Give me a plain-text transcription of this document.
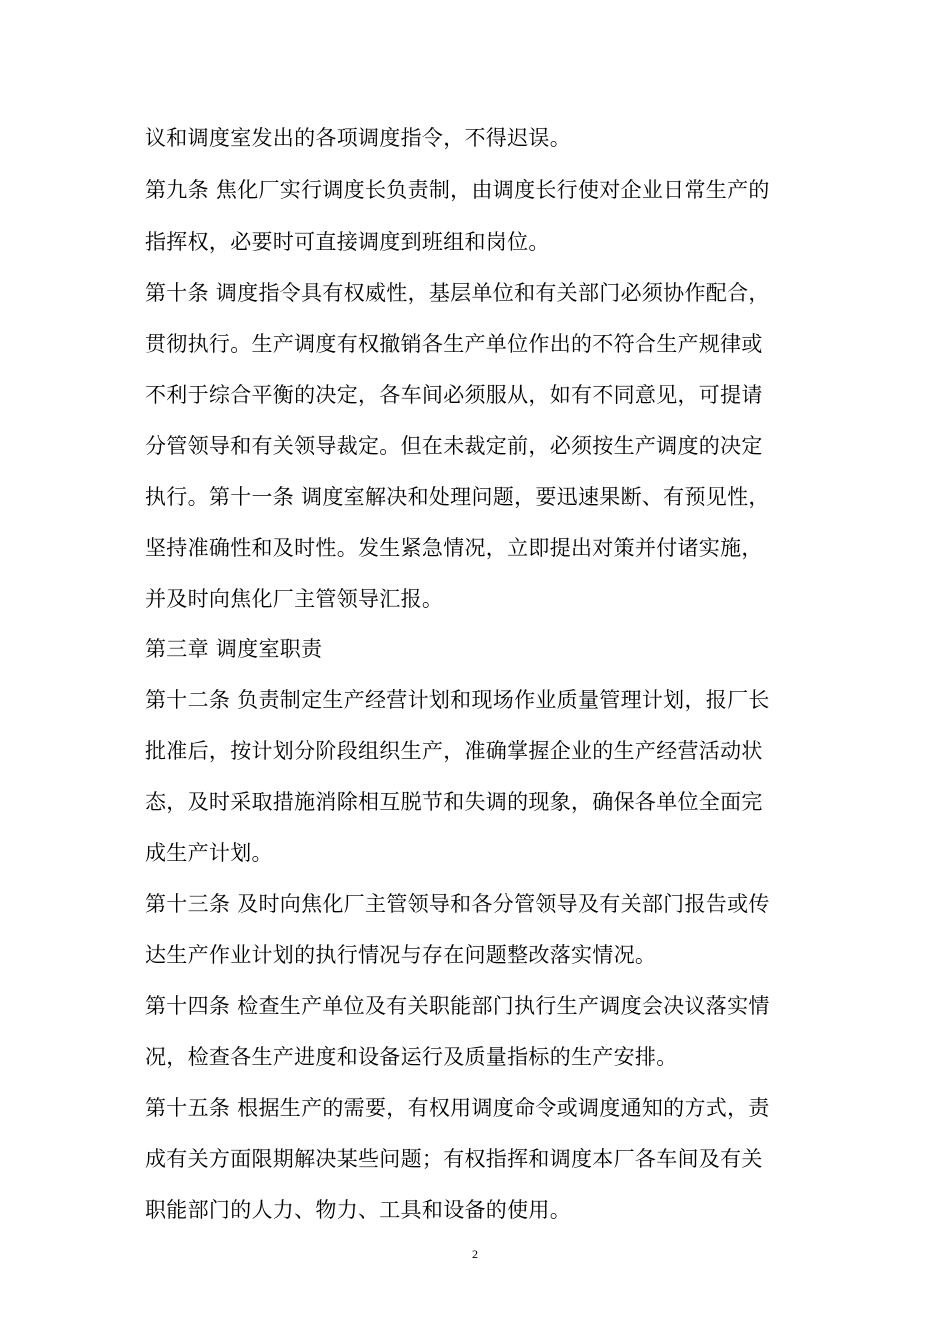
议和调度室发出的各项调度指令，不得迟误。
第九条 焦化厂实行调度长负责制，由调度长行使对企业日常生产的
指挥权，必要时可直接调度到班组和岗位。
第十条 调度指令具有权威性，基层单位和有关部门必须协作配合，
贯彻执行。生产调度有权撤销各生产单位作出的不符合生产规律或
不利于综合平衡的决定，各车间必须服从，如有不同意见，可提请
分管领导和有关领导裁定。但在未裁定前，必须按生产调度的决定
执行。第十一条 调度室解决和处理问题，要迅速果断、有预见性，
坚持准确性和及时性。发生紧急情况，立即提出对策并付诸实施，
并及时向焦化厂主管领导汇报。
第三章 调度室职责
第十二条 负责制定生产经营计划和现场作业质量管理计划，报厂长
批准后，按计划分阶段组织生产，准确掌握企业的生产经营活动状
态，及时采取措施消除相互脱节和失调的现象，确保各单位全面完
成生产计划。
第十三条 及时向焦化厂主管领导和各分管领导及有关部门报告或传
达生产作业计划的执行情况与存在问题整改落实情况。
第十四条 检查生产单位及有关职能部门执行生产调度会决议落实情
况，检查各生产进度和设备运行及质量指标的生产安排。
第十五条 根据生产的需要，有权用调度命令或调度通知的方式，责
成有关方面限期解决某些问题；有权指挥和调度本厂各车间及有关
职能部门的人力、物力、工具和设备的使用。
2
